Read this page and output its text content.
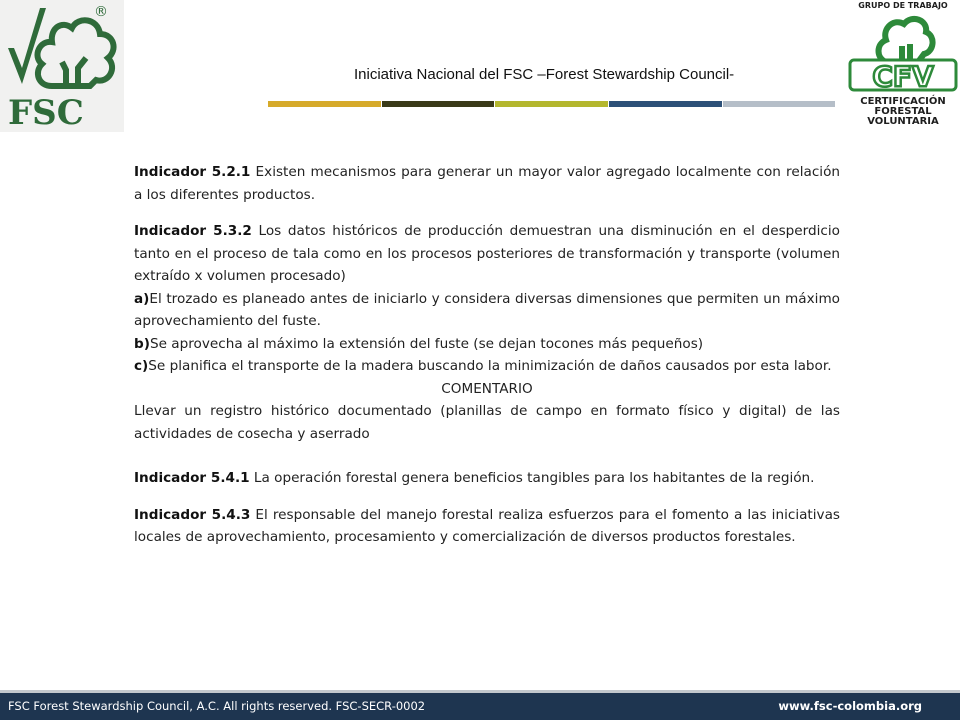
FSC
®	GRUPO DE TRABAJO
CFV
CERTIFICACIÓN
FORESTAL
VOLUNTARIA
Iniciativa Nacional del FSC –Forest Stewardship Council-

Indicador 5.2.1 Existen mecanismos para generar un mayor valor agregado localmente con relación a los diferentes productos.

Indicador 5.3.2 Los datos históricos de producción demuestran una disminución en el desperdicio tanto en el proceso de tala como en los procesos posteriores de transformación y transporte (volumen extraído x volumen procesado)

a)El trozado es planeado antes de iniciarlo y considera diversas dimensiones que permiten un máximo aprovechamiento del fuste.

b)Se aprovecha al máximo la extensión del fuste (se dejan tocones más pequeños)

c)Se planifica el transporte de la madera buscando la minimización de daños causados por esta labor.

COMENTARIO

Llevar un registro histórico documentado (planillas de campo en formato físico y digital) de las actividades de cosecha y aserrado

Indicador 5.4.1 La operación forestal genera beneficios tangibles para los habitantes de la región.

Indicador 5.4.3 El responsable del manejo forestal realiza esfuerzos para el fomento a las iniciativas locales de aprovechamiento, procesamiento y comercialización de diversos productos forestales.

FSC Forest Stewardship Council, A.C. All rights reserved. FSC-SECR-0002	www.fsc-colombia.org
